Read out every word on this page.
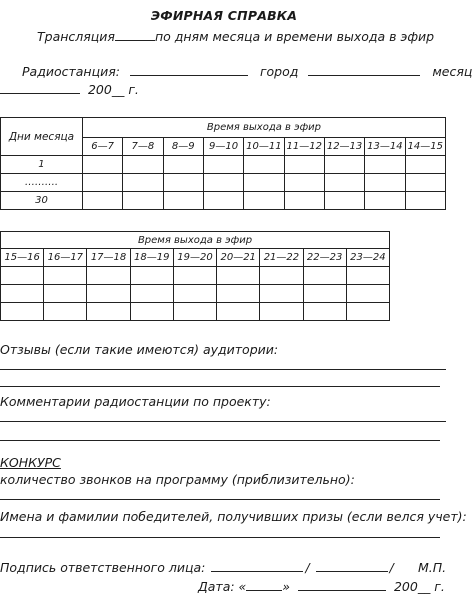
ЭФИРНАЯ СПРАВКА
Трансляция	по дням месяца и времени выхода в эфир
Радиостанция:	город	месяц
200__ г.
Дни месяца	Время выхода в эфир								
	6—7	7—8	8—9	9—10	10—11	11—12	12—13	13—14	14—15
1									
……….									
30									
Время выхода в эфир								
15—16	16—17	17—18	18—19	19—20	20—21	21—22	22—23	23—24

Отзывы (если такие имеются) аудитории:
Комментарии радиостанции по проекту:
КОНКУРС
количество звонков на программу (приблизительно):
Имена и фамилии победителей, получивших призы (если велся учет):
Подпись ответственного лица:	/	/ М.П.
Дата: «	»	200__ г.
